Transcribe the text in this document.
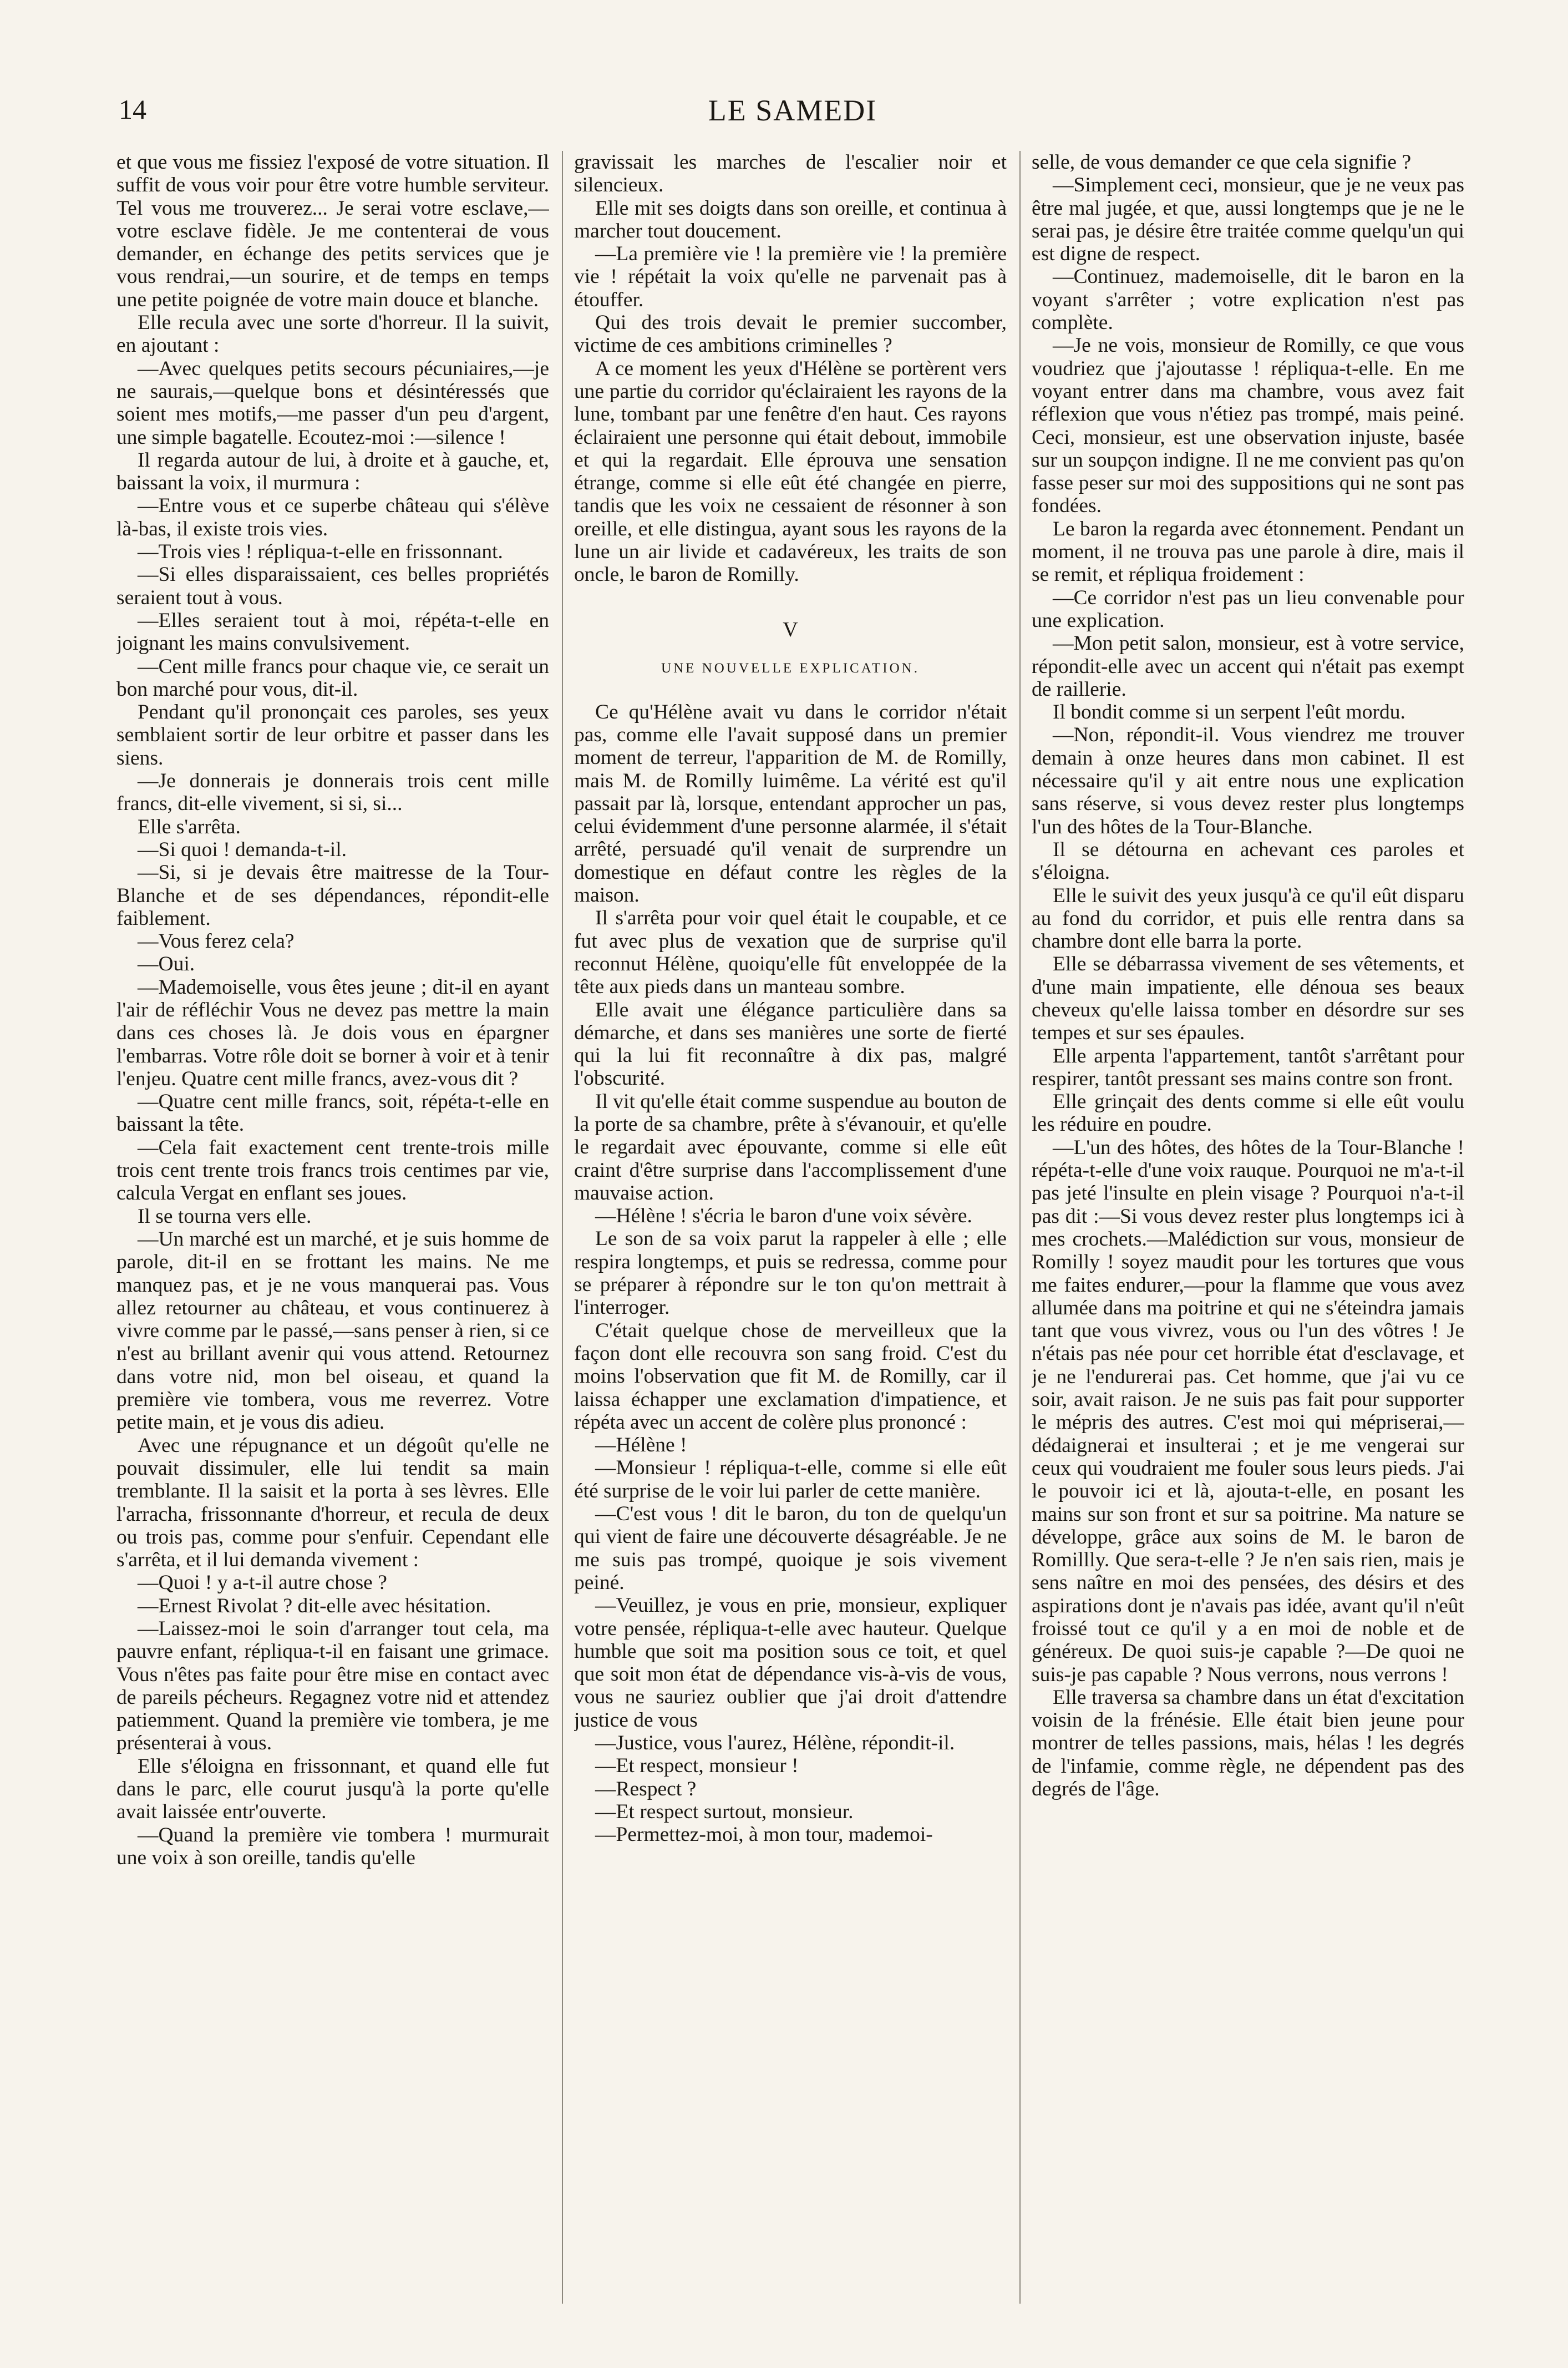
14	LE SAMEDI

et que vous me fissiez l'exposé de votre situation. Il suffit de vous voir pour être votre humble serviteur. Tel vous me trouverez... Je serai votre esclave,—votre esclave fidèle. Je me contenterai de vous demander, en échange des petits services que je vous rendrai,—un sourire, et de temps en temps une petite poignée de votre main douce et blanche.

Elle recula avec une sorte d'horreur. Il la suivit, en ajoutant :

—Avec quelques petits secours pécuniaires,—je ne saurais,—quelque bons et désintéressés que soient mes motifs,—me passer d'un peu d'argent, une simple bagatelle. Ecoutez-moi :—silence !

Il regarda autour de lui, à droite et à gauche, et, baissant la voix, il murmura :

—Entre vous et ce superbe château qui s'élève là-bas, il existe trois vies.

—Trois vies ! répliqua-t-elle en frissonnant.

—Si elles disparaissaient, ces belles propriétés seraient tout à vous.

—Elles seraient tout à moi, répéta-t-elle en joignant les mains convulsivement.

—Cent mille francs pour chaque vie, ce serait un bon marché pour vous, dit-il.

Pendant qu'il prononçait ces paroles, ses yeux semblaient sortir de leur orbitre et passer dans les siens.

—Je donnerais je donnerais trois cent mille francs, dit-elle vivement, si si, si...

Elle s'arrêta.

—Si quoi ! demanda-t-il.

—Si, si je devais être maitresse de la Tour-Blanche et de ses dépendances, répondit-elle faiblement.

—Vous ferez cela?

—Oui.

—Mademoiselle, vous êtes jeune ; dit-il en ayant l'air de réfléchir Vous ne devez pas mettre la main dans ces choses là. Je dois vous en épargner l'embarras. Votre rôle doit se borner à voir et à tenir l'enjeu. Quatre cent mille francs, avez-vous dit ?

—Quatre cent mille francs, soit, répéta-t-elle en baissant la tête.

—Cela fait exactement cent trente-trois mille trois cent trente trois francs trois centimes par vie, calcula Vergat en enflant ses joues.

Il se tourna vers elle.

—Un marché est un marché, et je suis homme de parole, dit-il en se frottant les mains. Ne me manquez pas, et je ne vous manquerai pas. Vous allez retourner au château, et vous continuerez à vivre comme par le passé,—sans penser à rien, si ce n'est au brillant avenir qui vous attend. Retournez dans votre nid, mon bel oiseau, et quand la première vie tombera, vous me reverrez. Votre petite main, et je vous dis adieu.

Avec une répugnance et un dégoût qu'elle ne pouvait dissimuler, elle lui tendit sa main tremblante. Il la saisit et la porta à ses lèvres. Elle l'arracha, frissonnante d'horreur, et recula de deux ou trois pas, comme pour s'enfuir. Cependant elle s'arrêta, et il lui demanda vivement :

—Quoi ! y a-t-il autre chose ?

—Ernest Rivolat ? dit-elle avec hésitation.

—Laissez-moi le soin d'arranger tout cela, ma pauvre enfant, répliqua-t-il en faisant une grimace. Vous n'êtes pas faite pour être mise en contact avec de pareils pécheurs. Regagnez votre nid et attendez patiemment. Quand la première vie tombera, je me présenterai à vous.

Elle s'éloigna en frissonnant, et quand elle fut dans le parc, elle courut jusqu'à la porte qu'elle avait laissée entr'ouverte.

—Quand la première vie tombera ! murmurait une voix à son oreille, tandis qu'elle

gravissait les marches de l'escalier noir et silencieux.

Elle mit ses doigts dans son oreille, et continua à marcher tout doucement.

—La première vie ! la première vie ! la première vie ! répétait la voix qu'elle ne parvenait pas à étouffer.

Qui des trois devait le premier succomber, victime de ces ambitions criminelles ?

A ce moment les yeux d'Hélène se portèrent vers une partie du corridor qu'éclairaient les rayons de la lune, tombant par une fenêtre d'en haut. Ces rayons éclairaient une personne qui était debout, immobile et qui la regardait. Elle éprouva une sensation étrange, comme si elle eût été changée en pierre, tandis que les voix ne cessaient de résonner à son oreille, et elle distingua, ayant sous les rayons de la lune un air livide et cadavéreux, les traits de son oncle, le baron de Romilly.

V
UNE NOUVELLE EXPLICATION.

Ce qu'Hélène avait vu dans le corridor n'était pas, comme elle l'avait supposé dans un premier moment de terreur, l'apparition de M. de Romilly, mais M. de Romilly luimême. La vérité est qu'il passait par là, lorsque, entendant approcher un pas, celui évidemment d'une personne alarmée, il s'était arrêté, persuadé qu'il venait de surprendre un domestique en défaut contre les règles de la maison.

Il s'arrêta pour voir quel était le coupable, et ce fut avec plus de vexation que de surprise qu'il reconnut Hélène, quoiqu'elle fût enveloppée de la tête aux pieds dans un manteau sombre.

Elle avait une élégance particulière dans sa démarche, et dans ses manières une sorte de fierté qui la lui fit reconnaître à dix pas, malgré l'obscurité.

Il vit qu'elle était comme suspendue au bouton de la porte de sa chambre, prête à s'évanouir, et qu'elle le regardait avec épouvante, comme si elle eût craint d'être surprise dans l'accomplissement d'une mauvaise action.

—Hélène ! s'écria le baron d'une voix sévère.

Le son de sa voix parut la rappeler à elle ; elle respira longtemps, et puis se redressa, comme pour se préparer à répondre sur le ton qu'on mettrait à l'interroger.

C'était quelque chose de merveilleux que la façon dont elle recouvra son sang froid. C'est du moins l'observation que fit M. de Romilly, car il laissa échapper une exclamation d'impatience, et répéta avec un accent de colère plus prononcé :

—Hélène !

—Monsieur ! répliqua-t-elle, comme si elle eût été surprise de le voir lui parler de cette manière.

—C'est vous ! dit le baron, du ton de quelqu'un qui vient de faire une découverte désagréable. Je ne me suis pas trompé, quoique je sois vivement peiné.

—Veuillez, je vous en prie, monsieur, expliquer votre pensée, répliqua-t-elle avec hauteur. Quelque humble que soit ma position sous ce toit, et quel que soit mon état de dépendance vis-à-vis de vous, vous ne sauriez oublier que j'ai droit d'attendre justice de vous

—Justice, vous l'aurez, Hélène, répondit-il.

—Et respect, monsieur !

—Respect ?

—Et respect surtout, monsieur.

—Permettez-moi, à mon tour, mademoi-

selle, de vous demander ce que cela signifie ?

—Simplement ceci, monsieur, que je ne veux pas être mal jugée, et que, aussi longtemps que je ne le serai pas, je désire être traitée comme quelqu'un qui est digne de respect.

—Continuez, mademoiselle, dit le baron en la voyant s'arrêter ; votre explication n'est pas complète.

—Je ne vois, monsieur de Romilly, ce que vous voudriez que j'ajoutasse ! répliqua-t-elle. En me voyant entrer dans ma chambre, vous avez fait réflexion que vous n'étiez pas trompé, mais peiné. Ceci, monsieur, est une observation injuste, basée sur un soupçon indigne. Il ne me convient pas qu'on fasse peser sur moi des suppositions qui ne sont pas fondées.

Le baron la regarda avec étonnement. Pendant un moment, il ne trouva pas une parole à dire, mais il se remit, et répliqua froidement :

—Ce corridor n'est pas un lieu convenable pour une explication.

—Mon petit salon, monsieur, est à votre service, répondit-elle avec un accent qui n'était pas exempt de raillerie.

Il bondit comme si un serpent l'eût mordu.

—Non, répondit-il. Vous viendrez me trouver demain à onze heures dans mon cabinet. Il est nécessaire qu'il y ait entre nous une explication sans réserve, si vous devez rester plus longtemps l'un des hôtes de la Tour-Blanche.

Il se détourna en achevant ces paroles et s'éloigna.

Elle le suivit des yeux jusqu'à ce qu'il eût disparu au fond du corridor, et puis elle rentra dans sa chambre dont elle barra la porte.

Elle se débarrassa vivement de ses vêtements, et d'une main impatiente, elle dénoua ses beaux cheveux qu'elle laissa tomber en désordre sur ses tempes et sur ses épaules.

Elle arpenta l'appartement, tantôt s'arrêtant pour respirer, tantôt pressant ses mains contre son front.

Elle grinçait des dents comme si elle eût voulu les réduire en poudre.

—L'un des hôtes, des hôtes de la Tour-Blanche ! répéta-t-elle d'une voix rauque. Pourquoi ne m'a-t-il pas jeté l'insulte en plein visage ? Pourquoi n'a-t-il pas dit :—Si vous devez rester plus longtemps ici à mes crochets.—Malédiction sur vous, monsieur de Romilly ! soyez maudit pour les tortures que vous me faites endurer,—pour la flamme que vous avez allumée dans ma poitrine et qui ne s'éteindra jamais tant que vous vivrez, vous ou l'un des vôtres ! Je n'étais pas née pour cet horrible état d'esclavage, et je ne l'endurerai pas. Cet homme, que j'ai vu ce soir, avait raison. Je ne suis pas fait pour supporter le mépris des autres. C'est moi qui mépriserai,—dédaignerai et insulterai ; et je me vengerai sur ceux qui voudraient me fouler sous leurs pieds. J'ai le pouvoir ici et là, ajouta-t-elle, en posant les mains sur son front et sur sa poitrine. Ma nature se développe, grâce aux soins de M. le baron de Romillly. Que sera-t-elle ? Je n'en sais rien, mais je sens naître en moi des pensées, des désirs et des aspirations dont je n'avais pas idée, avant qu'il n'eût froissé tout ce qu'il y a en moi de noble et de généreux. De quoi suis-je capable ?—De quoi ne suis-je pas capable ? Nous verrons, nous verrons !

Elle traversa sa chambre dans un état d'excitation voisin de la frénésie. Elle était bien jeune pour montrer de telles passions, mais, hélas ! les degrés de l'infamie, comme règle, ne dépendent pas des degrés de l'âge.
